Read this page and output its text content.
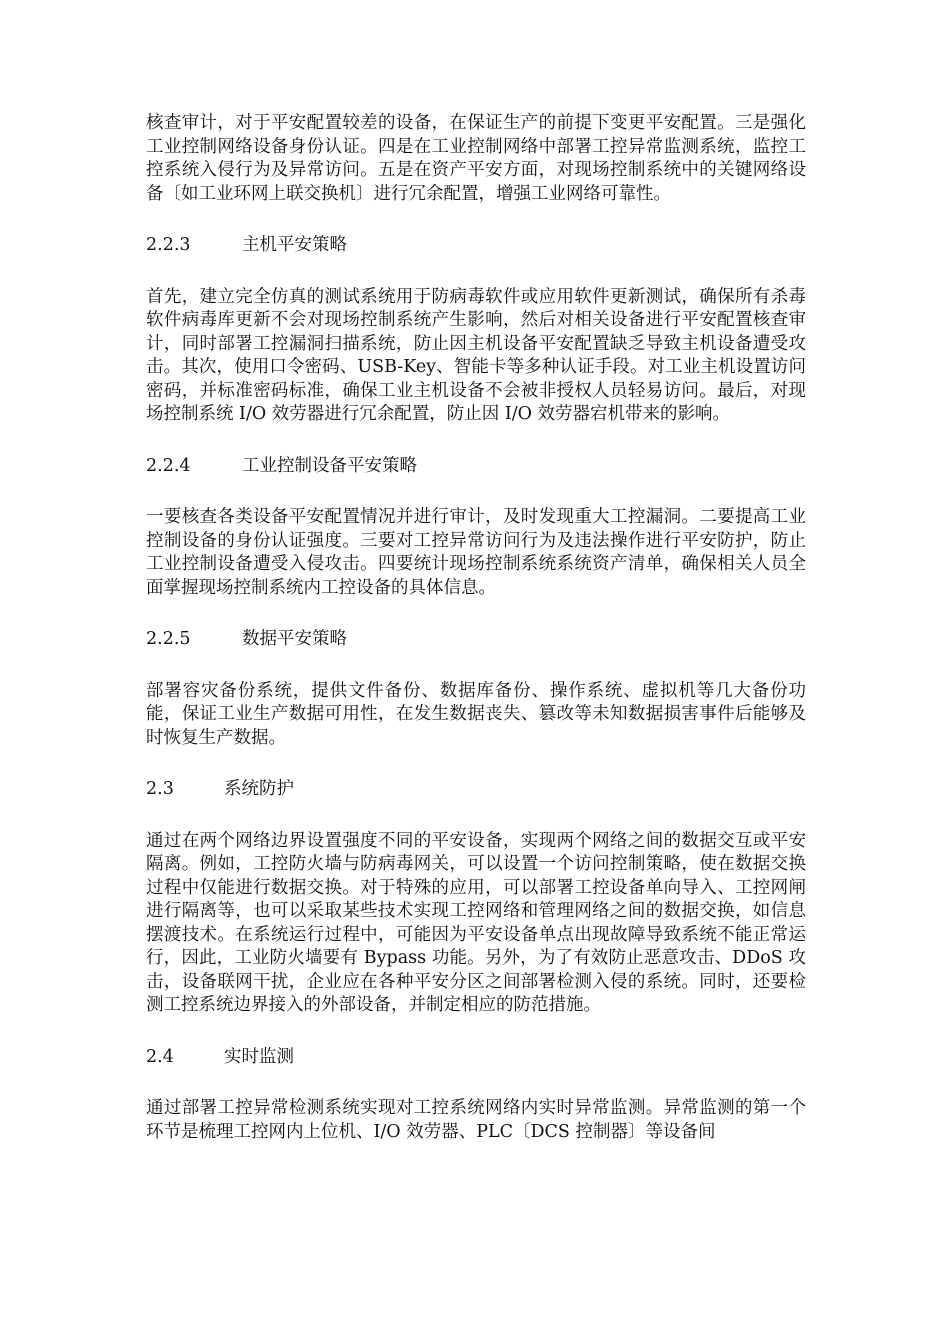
核查审计，对于平安配置较差的设备，在保证生产的前提下变更平安配置。三是强化工业控制网络设备身份认证。四是在工业控制网络中部署工控异常监测系统，监控工控系统入侵行为及异常访问。五是在资产平安方面，对现场控制系统中的关键网络设备〔如工业环网上联交换机〕进行冗余配置，增强工业网络可靠性。

2.2.3	主机平安策略

首先，建立完全仿真的测试系统用于防病毒软件或应用软件更新测试，确保所有杀毒软件病毒库更新不会对现场控制系统产生影响，然后对相关设备进行平安配置核查审计，同时部署工控漏洞扫描系统，防止因主机设备平安配置缺乏导致主机设备遭受攻击。其次，使用口令密码、USB-Key、智能卡等多种认证手段。对工业主机设置访问密码，并标准密码标准，确保工业主机设备不会被非授权人员轻易访问。最后，对现场控制系统 I/O 效劳器进行冗余配置，防止因 I/O 效劳器宕机带来的影响。

2.2.4	工业控制设备平安策略

一要核查各类设备平安配置情况并进行审计，及时发现重大工控漏洞。二要提高工业控制设备的身份认证强度。三要对工控异常访问行为及违法操作进行平安防护，防止工业控制设备遭受入侵攻击。四要统计现场控制系统系统资产清单，确保相关人员全面掌握现场控制系统内工控设备的具体信息。

2.2.5	数据平安策略

部署容灾备份系统，提供文件备份、数据库备份、操作系统、虚拟机等几大备份功能，保证工业生产数据可用性，在发生数据丧失、篡改等未知数据损害事件后能够及时恢复生产数据。

2.3	系统防护

通过在两个网络边界设置强度不同的平安设备，实现两个网络之间的数据交互或平安隔离。例如，工控防火墙与防病毒网关，可以设置一个访问控制策略，使在数据交换过程中仅能进行数据交换。对于特殊的应用，可以部署工控设备单向导入、工控网闸进行隔离等，也可以采取某些技术实现工控网络和管理网络之间的数据交换，如信息摆渡技术。在系统运行过程中，可能因为平安设备单点出现故障导致系统不能正常运行，因此，工业防火墙要有 Bypass 功能。另外，为了有效防止恶意攻击、DDoS 攻击，设备联网干扰，企业应在各种平安分区之间部署检测入侵的系统。同时，还要检测工控系统边界接入的外部设备，并制定相应的防范措施。

2.4	实时监测

通过部署工控异常检测系统实现对工控系统网络内实时异常监测。异常监测的第一个环节是梳理工控网内上位机、I/O 效劳器、PLC〔DCS 控制器〕等设备间
